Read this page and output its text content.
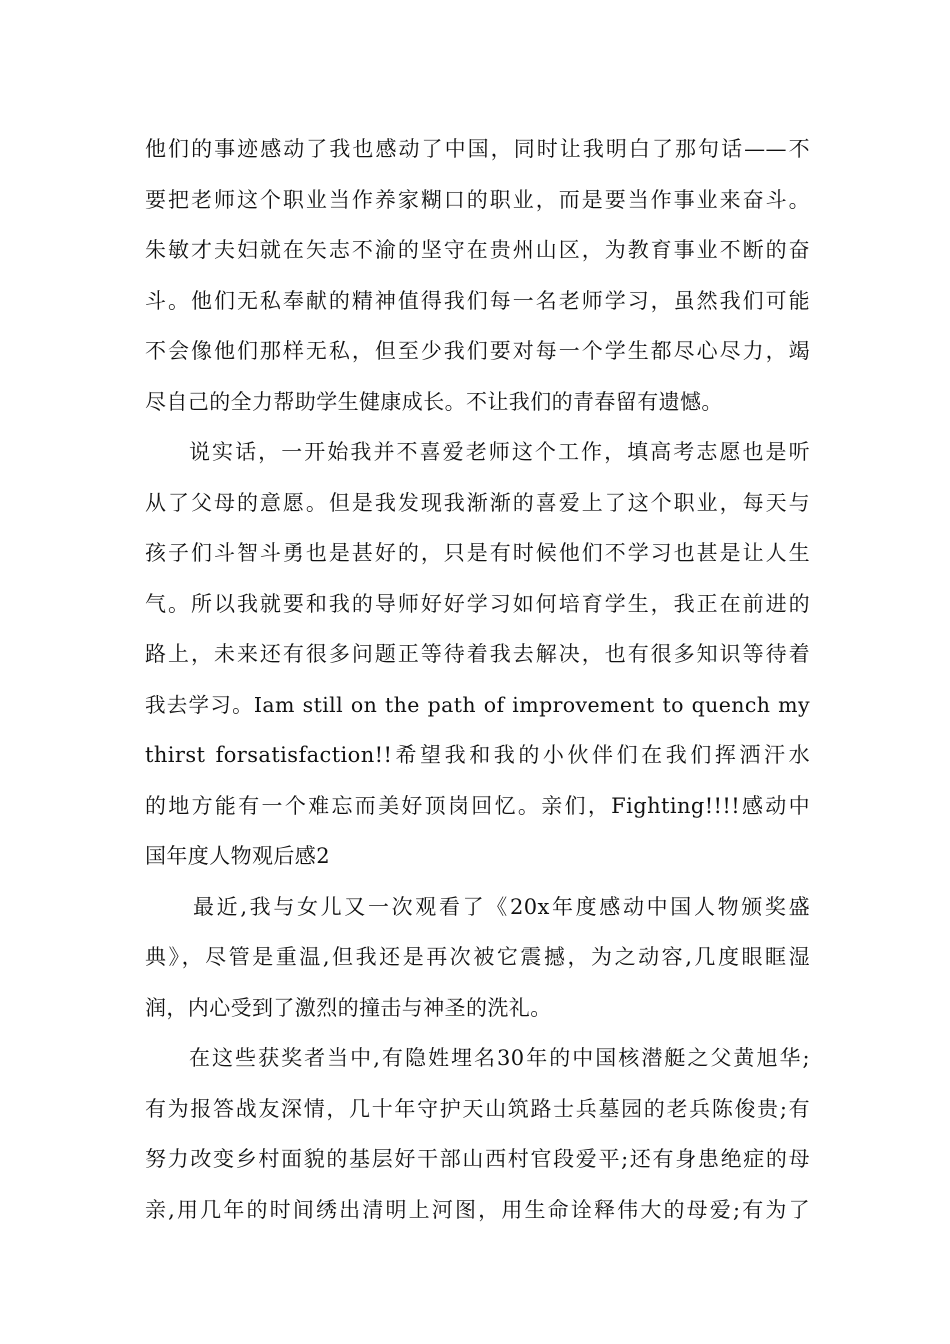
他们的事迹感动了我也感动了中国，同时让我明白了那句话——不
要把老师这个职业当作养家糊口的职业，而是要当作事业来奋斗。
朱敏才夫妇就在矢志不渝的坚守在贵州山区，为教育事业不断的奋
斗。他们无私奉献的精神值得我们每一名老师学习，虽然我们可能
不会像他们那样无私，但至少我们要对每一个学生都尽心尽力，竭
尽自己的全力帮助学生健康成长。不让我们的青春留有遗憾。
说实话，一开始我并不喜爱老师这个工作，填高考志愿也是听
从了父母的意愿。但是我发现我渐渐的喜爱上了这个职业，每天与
孩子们斗智斗勇也是甚好的，只是有时候他们不学习也甚是让人生
气。所以我就要和我的导师好好学习如何培育学生，我正在前进的
路上，未来还有很多问题正等待着我去解决，也有很多知识等待着
我去学习。Iam still on the path of improvement to quench my
thirst forsatisfaction!!希望我和我的小伙伴们在我们挥洒汗水
的地方能有一个难忘而美好顶岗回忆。亲们，Fighting!!!!感动中
国年度人物观后感2
最近,我与女儿又一次观看了《20x年度感动中国人物颁奖盛
典》，尽管是重温,但我还是再次被它震撼，为之动容,几度眼眶湿
润，内心受到了激烈的撞击与神圣的洗礼。
在这些获奖者当中,有隐姓埋名30年的中国核潜艇之父黄旭华;
有为报答战友深情，几十年守护天山筑路士兵墓园的老兵陈俊贵;有
努力改变乡村面貌的基层好干部山西村官段爱平;还有身患绝症的母
亲,用几年的时间绣出清明上河图，用生命诠释伟大的母爱;有为了
